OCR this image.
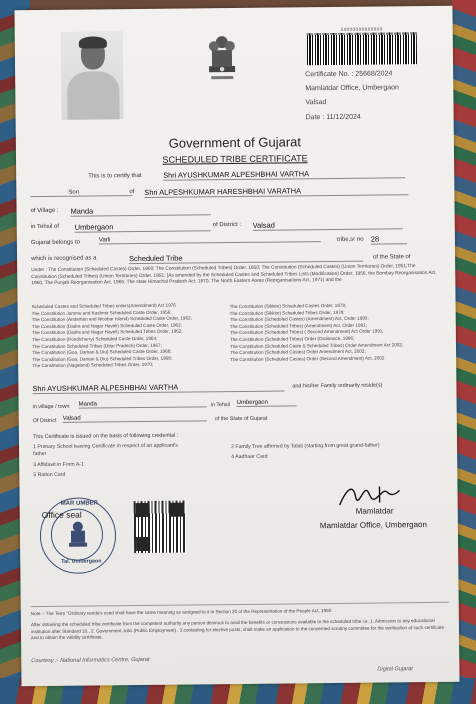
24000000000000
Certificate No. : 25668/2024
Mamlatdar Office, Umbergaon
Valsad
Date : 11/12/2024
Government of Gujarat
SCHEDULED TRIBE CERTIFICATE
This is to certify that	Shri AYUSHKUMAR ALPESHBHAI VARTHA
Son	of Shri ALPESHKUMAR HARESHBHAI VARATHA
of Village : Manda
in Tehsil of Umbergaon	of District : Valsad
Gujarat belongs to	Varli	tribe,sr no 28
which is recognised as a	Scheduled Tribe	of the State of
Under : The Constitution (Scheduled Castes) Order, 1950; The Constitution (Scheduled Tribes) Order, 1950; The Constitution (Scheduled Castes) (Union Territories) Order, 1951;The Constitution (Scheduled Tribes) (Union Territories) Order, 1951; [As amended by the Scheduled Castes and Scheduled Tribes Lists (Modification) Order, 1956, the Bombay Reorganisation Act, 1960, The Punjab Reorganisation Act, 1966, The state Himachal Pradesh Act, 1970, The North Eastern Areas (Reorganisations Act, 1971) and the
Scheduled Castes and Scheduled Tribes orders(Amendment) Act 1976
The Constitution Jammu and Kashmir Scheduled Caste Order, 1956;
The Constitution (Andaman and Nicobar Island) Scheduled Caste Order, 1962;
The Constitution (Dadra and Nagar Haveli) Scheduled Caste Order, 1962;
The Constitution (Dadra and Nagar Haveli) Scheduled Tribes Order, 1962;
The Constitution (Pondicherry) Scheduled Caste Order, 1964;
The Constitution Scheduled Tribes (Uttar Pradesh) Order, 1967;
The Constitution (Goa, Daman & Diu) Scheduled Caste Order, 1968;
The Constitution (Goa, Daman & Diu) Scheduled Tribes Order, 1968;
The Constitution (Nagaland) Scheduled Tribes Order, 1970;
The Constitution (Sikkim) Scheduled Castes Order, 1978;
The Constitution (Sikkim) Scheduled Tribes Order, 1978;
The Constitution (Scheduled Castes) (Amendment) Act, Order 1990;
The Constitution (Scheduled Tribes) (Amendment) Act, Order 1991;
The Constitution (Scheduled Tribes) ( Second Amendment) Act Order 1991;
The Constitution (Scheduled Tribes) Order (Ordinance, 1996;
The Constitution (Scheduled Caste & Scheduled Tribes) Order Amendment Act 2002;
The Constitution (Scheduled Castes) Order Amendment Act, 2002;
The Constitution (Scheduled Castes) Order (Second Amendment) Act, 2002
Shri AYUSHKUMAR ALPESHBHAI VARTHA	and his/her Family ordinarily reside(s)
in village / town Manda	in Tehsil Umbergaon
Of District Valsad	of the State of Gujarat
This Certificate is issued on the basis of following credential :
1 Primary School leaving Certificate in respect of an applicant's father
3 Affidavit in Form A-1
5 Ration Card
2 Family Tree affirmed by Talati (starting from great grand-father)
4 Aadhaar Card
MAR UMBER
Tal. Umbergaon
Office seal	Mamlatdar
Mamlatdar Office, Umbergaon
Note :- The Term "Ordinary reside's used shall have the same meaning as assigned to it in Section 20 of the Representation of the People Act, 1950
After obtaining the scheduled tribe certificate from the competent authority any person desirous to avail the benefits or concessions available to the scheduled tribe i.e. 1. Admission to any educational institution after Standard 10., 2. Government Jobs (Public Employment) , 3.contesting for elective posts, shall make an application to the concerned scrutiny committee for the verification of such certificate and to obtain the validity certificate.
Courtesy :- National Informatics Centre, Gujarat
Digital Gujarat
